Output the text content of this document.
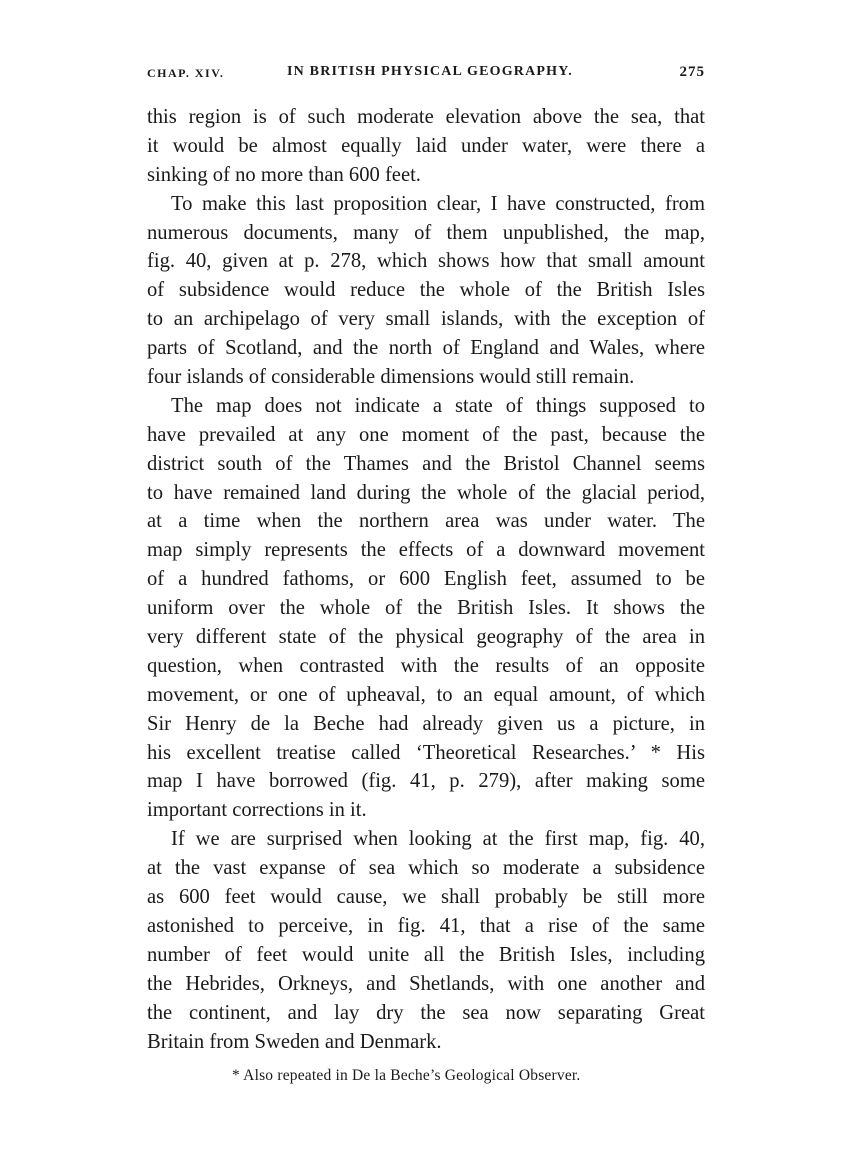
CHAP. XIV.	IN BRITISH PHYSICAL GEOGRAPHY.	275
this region is of such moderate elevation above the sea, that
it would be almost equally laid under water, were there a
sinking of no more than 600 feet.
To make this last proposition clear, I have constructed, from
numerous documents, many of them unpublished, the map,
fig. 40, given at p. 278, which shows how that small amount
of subsidence would reduce the whole of the British Isles
to an archipelago of very small islands, with the exception of
parts of Scotland, and the north of England and Wales, where
four islands of considerable dimensions would still remain.
The map does not indicate a state of things supposed to
have prevailed at any one moment of the past, because the
district south of the Thames and the Bristol Channel seems
to have remained land during the whole of the glacial period,
at a time when the northern area was under water. The
map simply represents the effects of a downward movement
of a hundred fathoms, or 600 English feet, assumed to be
uniform over the whole of the British Isles. It shows the
very different state of the physical geography of the area in
question, when contrasted with the results of an opposite
movement, or one of upheaval, to an equal amount, of which
Sir Henry de la Beche had already given us a picture, in
his excellent treatise called ‘Theoretical Researches.’ * His
map I have borrowed (fig. 41, p. 279), after making some
important corrections in it.
If we are surprised when looking at the first map, fig. 40,
at the vast expanse of sea which so moderate a subsidence
as 600 feet would cause, we shall probably be still more
astonished to perceive, in fig. 41, that a rise of the same
number of feet would unite all the British Isles, including
the Hebrides, Orkneys, and Shetlands, with one another and
the continent, and lay dry the sea now separating Great
Britain from Sweden and Denmark.
* Also repeated in De la Beche’s Geological Observer.
